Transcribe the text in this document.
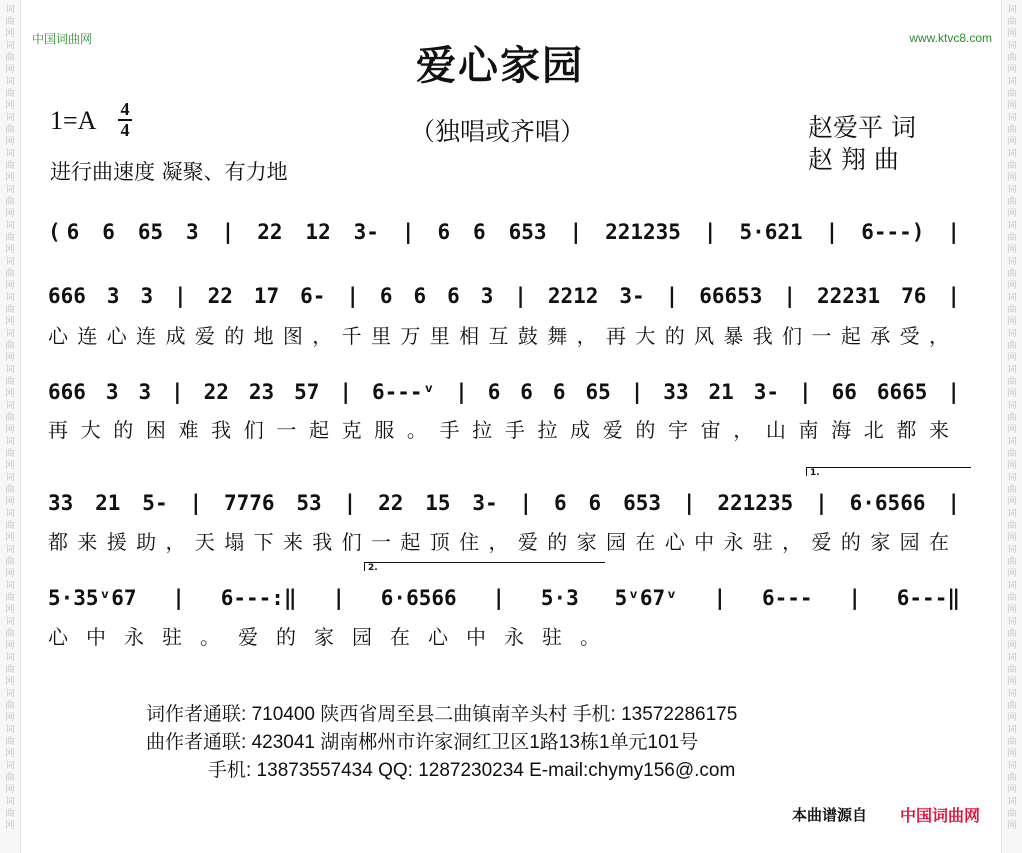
词
曲
网
词
曲
网
词
曲
网
词
曲
网
词
曲
网
词
曲
网
词
曲
网
词
曲
网
词
曲
网
词
曲
网
词
曲
网
词
曲
网
词
曲
网
词
曲
网
词
曲
网
词
曲
网
词
曲
网
词
曲
网
词
曲
网
词
曲
网
词
曲
网
词
曲
网
词
曲
网
词
曲
网
词
曲
网
词
曲
网
词
曲
网
词
曲
网
词
曲
网
词
曲
网
词
曲
网
词
曲
网
词
曲
网
词
曲
网
词
曲
网
词
曲
网
词
曲
网
词
曲
网
词
曲
网
词
曲
网
词
曲
网
词
曲
网
词
曲
网
词
曲
网
词
曲
网
词
曲
网
中国词曲网	www.ktvc8.com
爱心家园
1=A 4
4	（独唱或齐唱）	赵爱平 词
赵 翔 曲
进行曲速度 凝聚、有力地
( 6 6 65 3 | 22 12 3- | 6 6 653 | 221235 | 5·621 | 6---) |
666 3 3 | 22 17 6- | 6 6 6 3 | 2212 3- | 66653 | 22231 76 |
心连心连成爱的地图，千里万里相互鼓舞，再大的风暴我们一起承受，
666 3 3 | 22 23 57 | 6---ᵛ | 6 6 6 65 | 33 21 3- | 66 6665 |
再大的困难我们一起克服。手拉手拉成爱的宇宙，山南海北都来
1.
33 21 5- | 7776 53 | 22 15 3- | 6 6 653 | 221235 | 6·6566 |
都来援助，天塌下来我们一起顶住，爱的家园在心中永驻，爱的家园在
2.
5·35ᵛ67 | 6---:‖ | 6·6566 | 5·3 5ᵛ67ᵛ | 6--- | 6---‖
心中永驻。爱的家园在心中永驻。
词作者通联: 710400 陕西省周至县二曲镇南辛头村 手机: 13572286175
曲作者通联: 423041 湖南郴州市许家洞红卫区1路13栋1单元101号
手机: 13873557434 QQ: 1287230234 E-mail:chymy156@.com
本曲谱源自 中国词曲网
